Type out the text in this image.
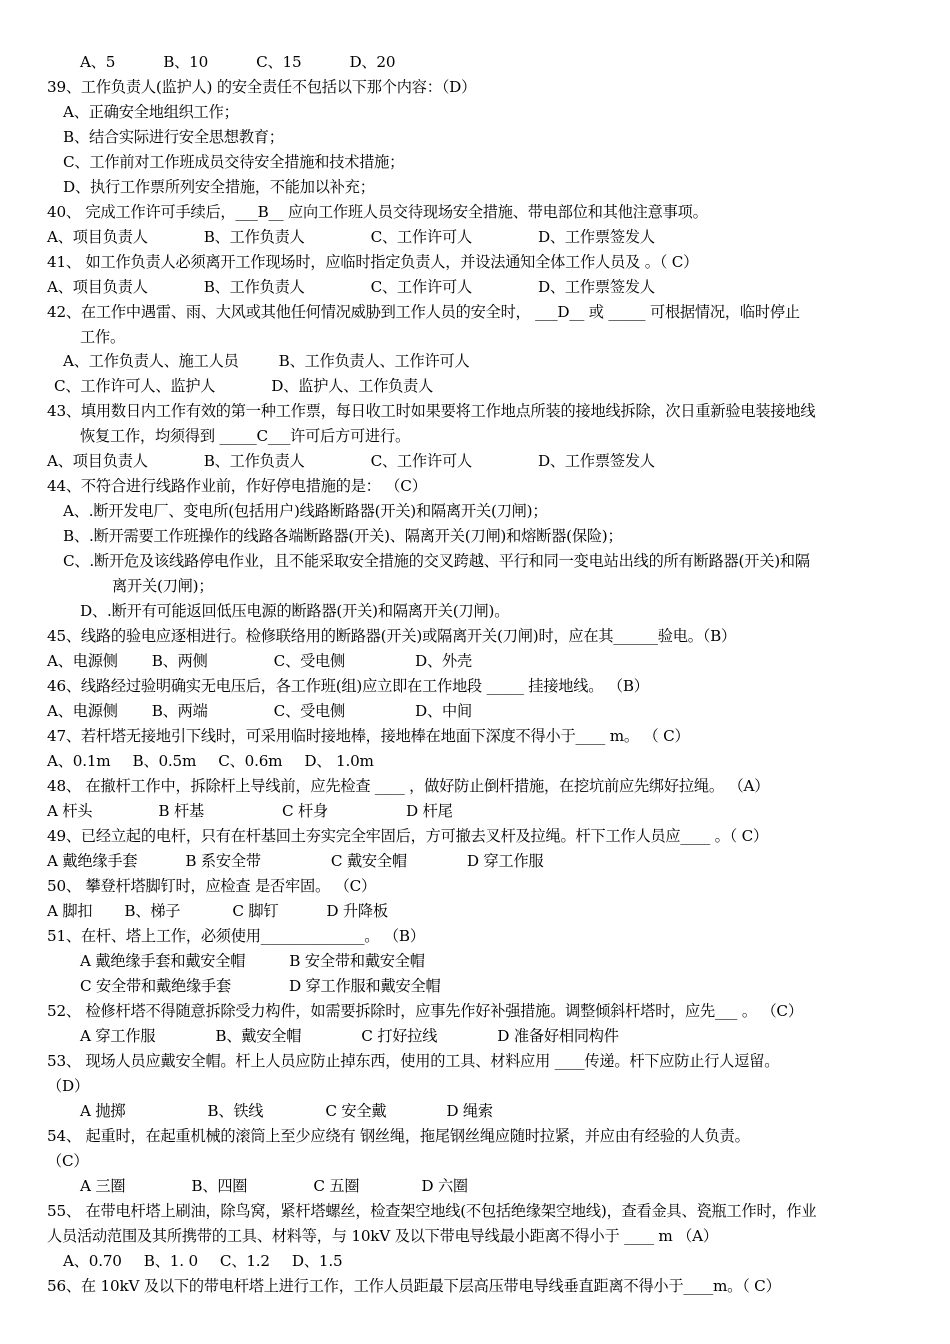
A、5	B、10	C、15	D、20
39、工作负责人(监护人) 的安全责任不包括以下那个内容：（D）
A、正确安全地组织工作；
B、结合实际进行安全思想教育；
C、工作前对工作班成员交待安全措施和技术措施；
D、执行工作票所列安全措施，不能加以补充；
40、 完成工作许可手续后，___B__ 应向工作班人员交待现场安全措施、带电部位和其他注意事项。
A、项目负责人	B、工作负责人	C、工作许可人	D、工作票签发人
41、 如工作负责人必须离开工作现场时，应临时指定负责人，并设法通知全体工作人员及 。（ C）
A、项目负责人	B、工作负责人	C、工作许可人	D、工作票签发人
42、在工作中遇雷、雨、大风或其他任何情况威胁到工作人员的安全时， ___D__ 或 _____ 可根据情况，临时停止
工作。
A、工作负责人、施工人员	B、工作负责人、工作许可人
C、工作许可人、监护人	D、监护人、工作负责人
43、填用数日内工作有效的第一种工作票，每日收工时如果要将工作地点所装的接地线拆除，次日重新验电装接地线
恢复工作，均须得到 _____C___许可后方可进行。
A、项目负责人	B、工作负责人	C、工作许可人	D、工作票签发人
44、不符合进行线路作业前，作好停电措施的是： （C）
A、.断开发电厂、变电所(包括用户)线路断路器(开关)和隔离开关(刀闸)；
B、.断开需要工作班操作的线路各端断路器(开关)、隔离开关(刀闸)和熔断器(保险)；
C、.断开危及该线路停电作业，且不能采取安全措施的交叉跨越、平行和同一变电站出线的所有断路器(开关)和隔
离开关(刀闸)；
D、.断开有可能返回低压电源的断路器(开关)和隔离开关(刀闸)。
45、线路的验电应逐相进行。检修联络用的断路器(开关)或隔离开关(刀闸)时，应在其______验电。（B）
A、电源侧 B、两侧	C、受电侧	D、外壳
46、线路经过验明确实无电压后，各工作班(组)应立即在工作地段 _____ 挂接地线。 （B）
A、电源侧 B、两端	C、受电侧	D、中间
47、若杆塔无接地引下线时，可采用临时接地棒，接地棒在地面下深度不得小于____ m。 （ C）
A、0.1m B、0.5m C、0.6m D、 1.0m
48、 在撤杆工作中，拆除杆上导线前，应先检查 ____ ，做好防止倒杆措施，在挖坑前应先绑好拉绳。 （A）
A 杆头	B 杆基	C 杆身	D 杆尾
49、已经立起的电杆，只有在杆基回土夯实完全牢固后，方可撤去叉杆及拉绳。杆下工作人员应____ 。（ C）
A 戴绝缘手套	B 系安全带	C 戴安全帽	D 穿工作服
50、 攀登杆塔脚钉时，应检查 是否牢固。 （C）
A 脚扣 B、梯子	C 脚钉	D 升降板
51、在杆、塔上工作，必须使用______________。 （B）
A 戴绝缘手套和戴安全帽	B 安全带和戴安全帽
C 安全带和戴绝缘手套	D 穿工作服和戴安全帽
52、 检修杆塔不得随意拆除受力构件，如需要拆除时，应事先作好补强措施。调整倾斜杆塔时，应先___ 。 （C）
A 穿工作服	B、戴安全帽	C 打好拉线	D 准备好相同构件
53、 现场人员应戴安全帽。杆上人员应防止掉东西，使用的工具、材料应用 ____传递。杆下应防止行人逗留。
（D）
A 抛掷	B、铁线	C 安全戴	D 绳索
54、 起重时，在起重机械的滚筒上至少应绕有 钢丝绳，拖尾钢丝绳应随时拉紧，并应由有经验的人负责。
（C）
A 三圈	B、四圈	C 五圈	D 六圈
55、 在带电杆塔上刷油，除鸟窝，紧杆塔螺丝，检查架空地线(不包括绝缘架空地线)，查看金具、瓷瓶工作时，作业
人员活动范围及其所携带的工具、材料等，与 10kV 及以下带电导线最小距离不得小于 ____ m （A）
A、0.70 B、1. 0 C、1.2 D、1.5
56、在 10kV 及以下的带电杆塔上进行工作，工作人员距最下层高压带电导线垂直距离不得小于____m。（ C）
